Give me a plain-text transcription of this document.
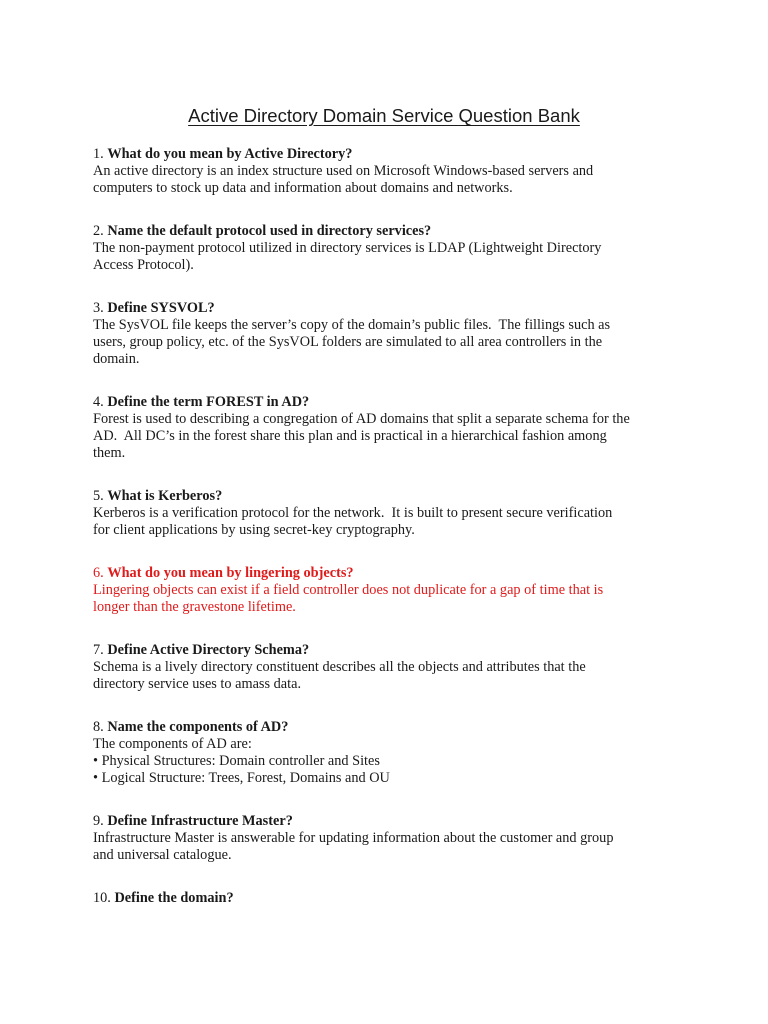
Active Directory Domain Service Question Bank
1. What do you mean by Active Directory?
An active directory is an index structure used on Microsoft Windows-based servers and
computers to stock up data and information about domains and networks.
2. Name the default protocol used in directory services?
The non-payment protocol utilized in directory services is LDAP (Lightweight Directory
Access Protocol).
3. Define SYSVOL?
The SysVOL file keeps the server’s copy of the domain’s public files.  The fillings such as
users, group policy, etc. of the SysVOL folders are simulated to all area controllers in the
domain.
4. Define the term FOREST in AD?
Forest is used to describing a congregation of AD domains that split a separate schema for the
AD.  All DC’s in the forest share this plan and is practical in a hierarchical fashion among
them.
5. What is Kerberos?
Kerberos is a verification protocol for the network.  It is built to present secure verification
for client applications by using secret-key cryptography.
6. What do you mean by lingering objects?
Lingering objects can exist if a field controller does not duplicate for a gap of time that is
longer than the gravestone lifetime.
7. Define Active Directory Schema?
Schema is a lively directory constituent describes all the objects and attributes that the
directory service uses to amass data.
8. Name the components of AD?
The components of AD are:
• Physical Structures: Domain controller and Sites
• Logical Structure: Trees, Forest, Domains and OU
9. Define Infrastructure Master?
Infrastructure Master is answerable for updating information about the customer and group
and universal catalogue.
10. Define the domain?
